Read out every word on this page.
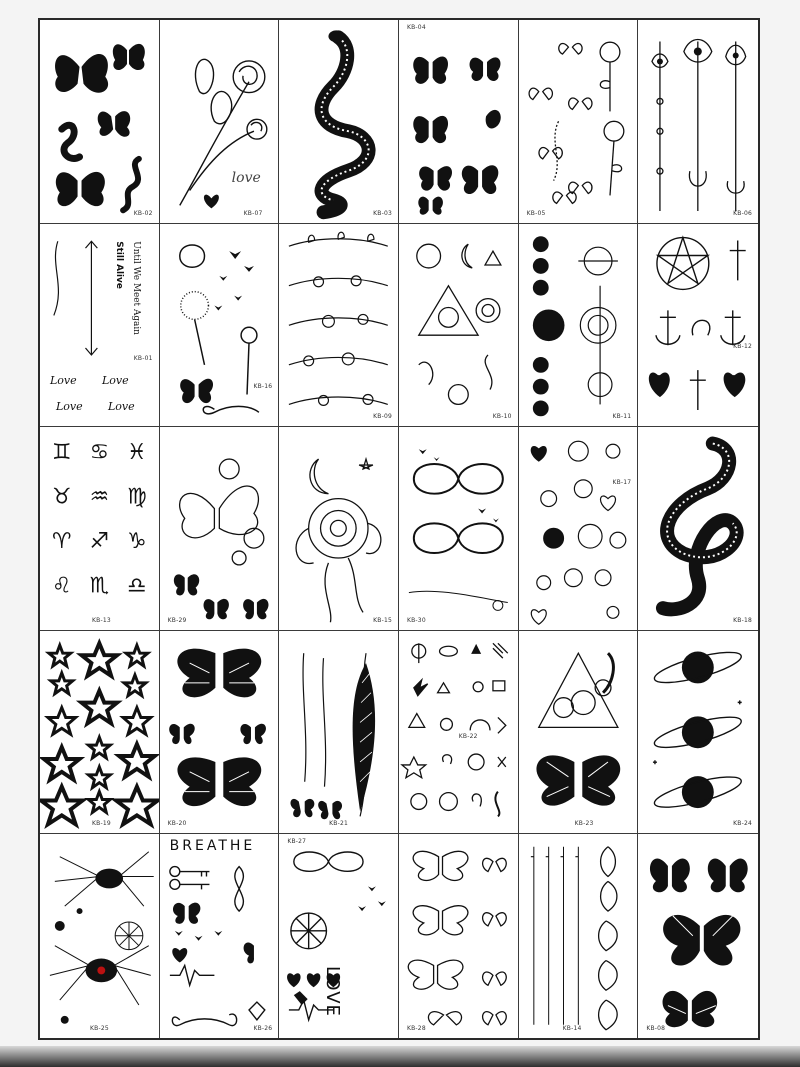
KB-02
love
KB-07	KB-03
KB-04
KB-05	KB-06
Until We Meet Again
Still Alive
Love Love
Love Love
KB-01
KB-16
KB-09	KB-10	KB-11
KB-12
♊ ♋ ♓
♉ ♒ ♍
♈ ♐ ♑
♌ ♏ ♎
KB-13	KB-29	KB-15	KB-30
KB-17
KB-18
KB-19	KB-20	KB-21
KB-22
KB-23	KB-24
KB-25
BREATHE
KB-26
LOVE
KB-27
KB-28	KB-14	KB-08
